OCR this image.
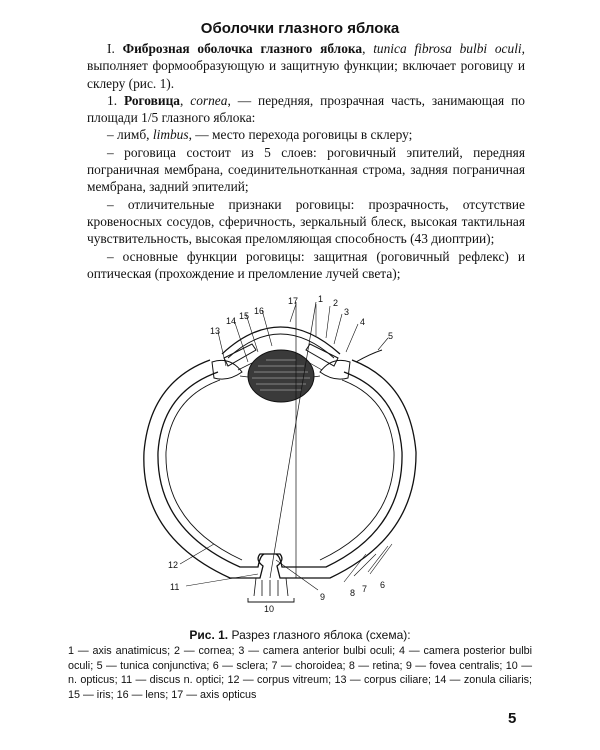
Оболочки глазного яблока

I. Фиброзная оболочка глазного яблока, tunica fibrosa bulbi oculi, выполняет формообразующую и защитную функции; включает роговицу и склеру (рис. 1).

1. Роговица, cornea, — передняя, прозрачная часть, занимающая по площади 1/5 глазного яблока:

– лимб, limbus, — место перехода роговицы в склеру;

– роговица состоит из 5 слоев: роговичный эпителий, передняя пограничная мембрана, соединительнотканная строма, задняя пограничная мембрана, задний эпителий;

– отличительные признаки роговицы: прозрачность, отсутствие кровеносных сосудов, сферичность, зеркальный блеск, высокая тактильная чувствительность, высокая преломляющая способность (43 диоптрии);

– основные функции роговицы: защитная (роговичный рефлекс) и оптическая (прохождение и преломление лучей света);

1 2
3
4
5
6
7
8
9
10
11
12
13
14 15 16
17

Рис. 1. Разрез глазного яблока (схема):

1 — axis anatimicus; 2 — cornea; 3 — camera anterior bulbi oculi; 4 — camera posterior bulbi oculi; 5 — tunica conjunctiva; 6 — sclera; 7 — choroidea; 8 — retina; 9 — fovea centralis; 10 — n. opticus; 11 — discus n. optici; 12 — corpus vitreum; 13 — corpus ciliare; 14 — zonula ciliaris; 15 — iris; 16 — lens; 17 — axis opticus

5
